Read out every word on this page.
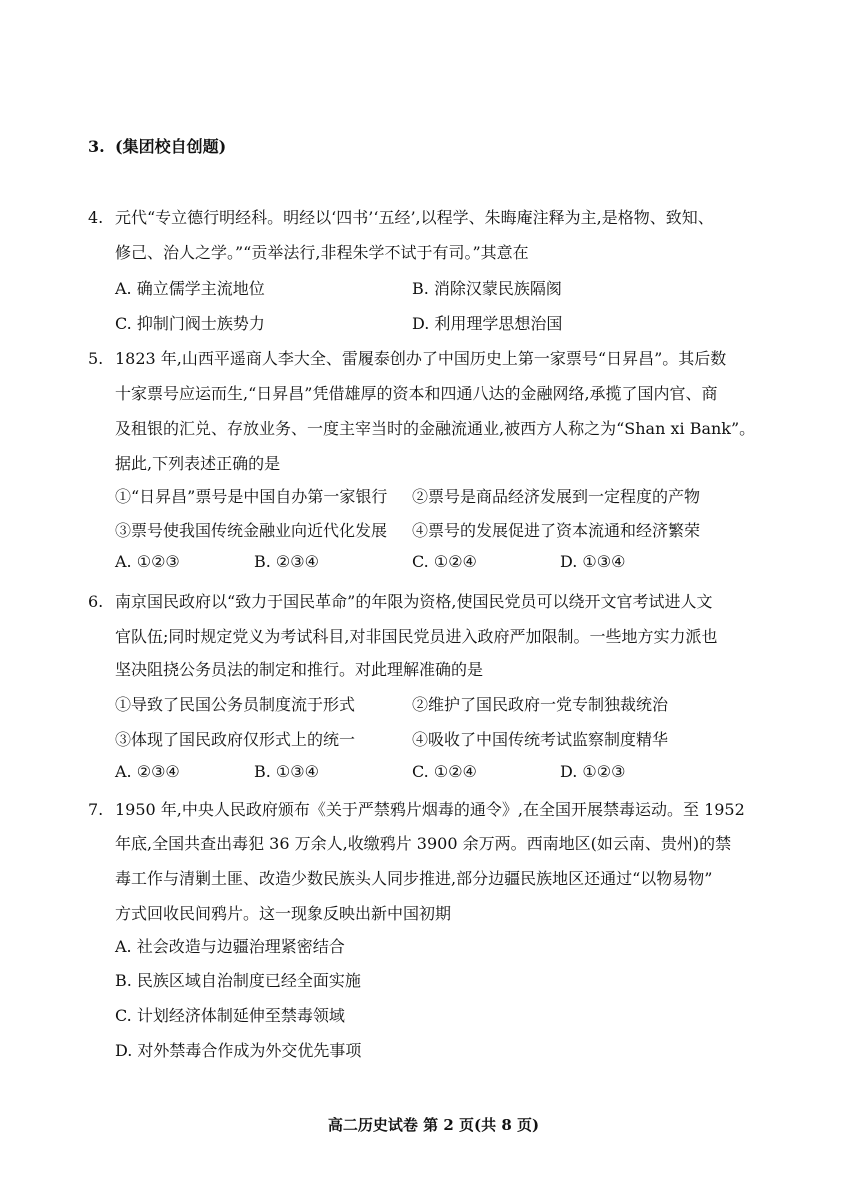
3. (集团校自创题)
4. 元代“专立德行明经科。明经以‘四书’‘五经’,以程学、朱晦庵注释为主,是格物、致知、
修己、治人之学。”“贡举法行,非程朱学不试于有司。”其意在
A. 确立儒学主流地位	B. 消除汉蒙民族隔阂
C. 抑制门阀士族势力	D. 利用理学思想治国
5. 1823 年,山西平遥商人李大全、雷履泰创办了中国历史上第一家票号“日昇昌”。其后数
十家票号应运而生,“日昇昌”凭借雄厚的资本和四通八达的金融网络,承揽了国内官、商
及租银的汇兑、存放业务、一度主宰当时的金融流通业,被西方人称之为“Shan xi Bank”。
据此,下列表述正确的是
①“日昇昌”票号是中国自办第一家银行 ②票号是商品经济发展到一定程度的产物
③票号使我国传统金融业向近代化发展 ④票号的发展促进了资本流通和经济繁荣
A. ①②③	B. ②③④	C. ①②④	D. ①③④
6. 南京国民政府以“致力于国民革命”的年限为资格,使国民党员可以绕开文官考试进人文
官队伍;同时规定党义为考试科目,对非国民党员进入政府严加限制。一些地方实力派也
坚决阻挠公务员法的制定和推行。对此理解准确的是
①导致了民国公务员制度流于形式	②维护了国民政府一党专制独裁统治
③体现了国民政府仅形式上的统一	④吸收了中国传统考试监察制度精华
A. ②③④	B. ①③④	C. ①②④	D. ①②③
7. 1950 年,中央人民政府颁布《关于严禁鸦片烟毒的通令》,在全国开展禁毒运动。至 1952
年底,全国共查出毒犯 36 万余人,收缴鸦片 3900 余万两。西南地区(如云南、贵州)的禁
毒工作与清剿土匪、改造少数民族头人同步推进,部分边疆民族地区还通过“以物易物”
方式回收民间鸦片。这一现象反映出新中国初期
A. 社会改造与边疆治理紧密结合
B. 民族区域自治制度已经全面实施
C. 计划经济体制延伸至禁毒领域
D. 对外禁毒合作成为外交优先事项
高二历史试卷 第 2 页(共 8 页)
